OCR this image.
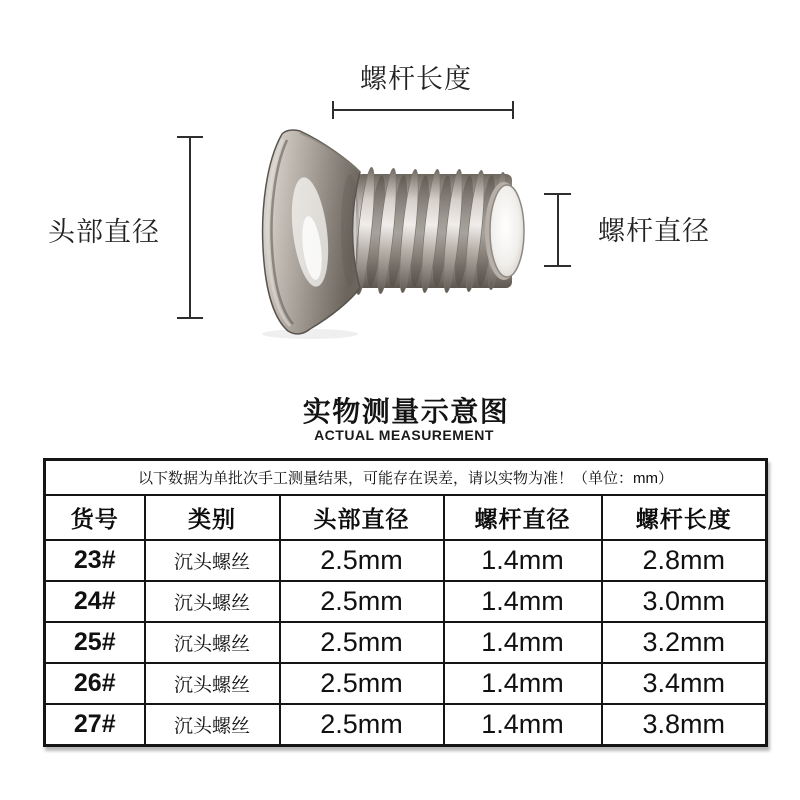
螺杆长度
头部直径	螺杆直径
实物测量示意图
ACTUAL MEASUREMENT
以下数据为单批次手工测量结果，可能存在误差，请以实物为准！（单位：mm）				
货号	类别	头部直径	螺杆直径	螺杆长度
23#	沉头螺丝	2.5mm	1.4mm	2.8mm
24#	沉头螺丝	2.5mm	1.4mm	3.0mm
25#	沉头螺丝	2.5mm	1.4mm	3.2mm
26#	沉头螺丝	2.5mm	1.4mm	3.4mm
27#	沉头螺丝	2.5mm	1.4mm	3.8mm
